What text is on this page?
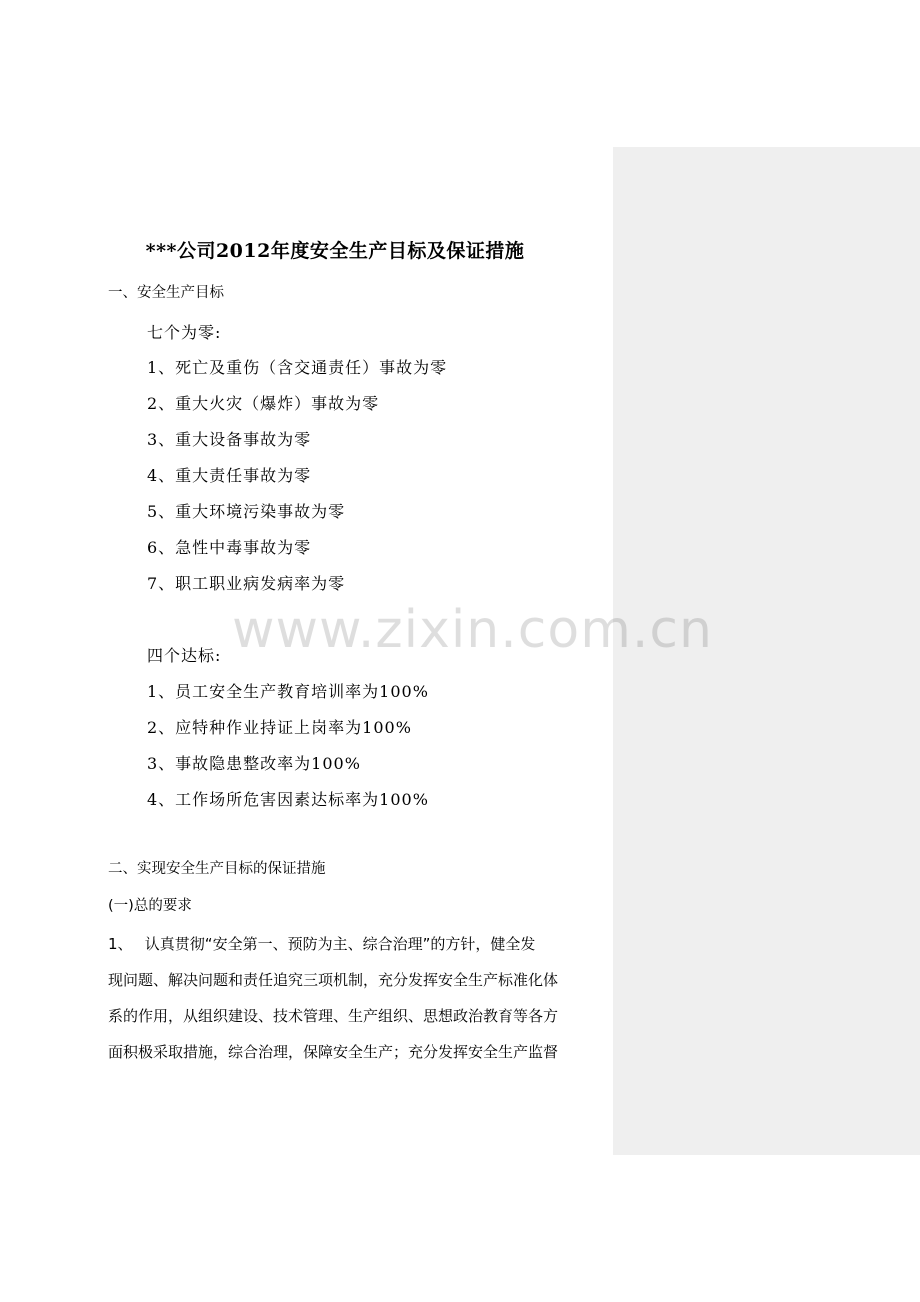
***公司2012年度安全生产目标及保证措施
一、安全生产目标
七个为零:
1、死亡及重伤（含交通责任）事故为零
2、重大火灾（爆炸）事故为零
3、重大设备事故为零
4、重大责任事故为零
5、重大环境污染事故为零
6、急性中毒事故为零
7、职工职业病发病率为零
四个达标:
1、员工安全生产教育培训率为100%
2、应特种作业持证上岗率为100%
3、事故隐患整改率为100%
4、工作场所危害因素达标率为100%
www.zixin.com.cn
二、实现安全生产目标的保证措施
(一)总的要求
1、　 认真贯彻“安全第一、预防为主、综合治理”的方针，健全发
现问题、解决问题和责任追究三项机制，充分发挥安全生产标准化体
系的作用，从组织建设、技术管理、生产组织、思想政治教育等各方
面积极采取措施，综合治理，保障安全生产；充分发挥安全生产监督
